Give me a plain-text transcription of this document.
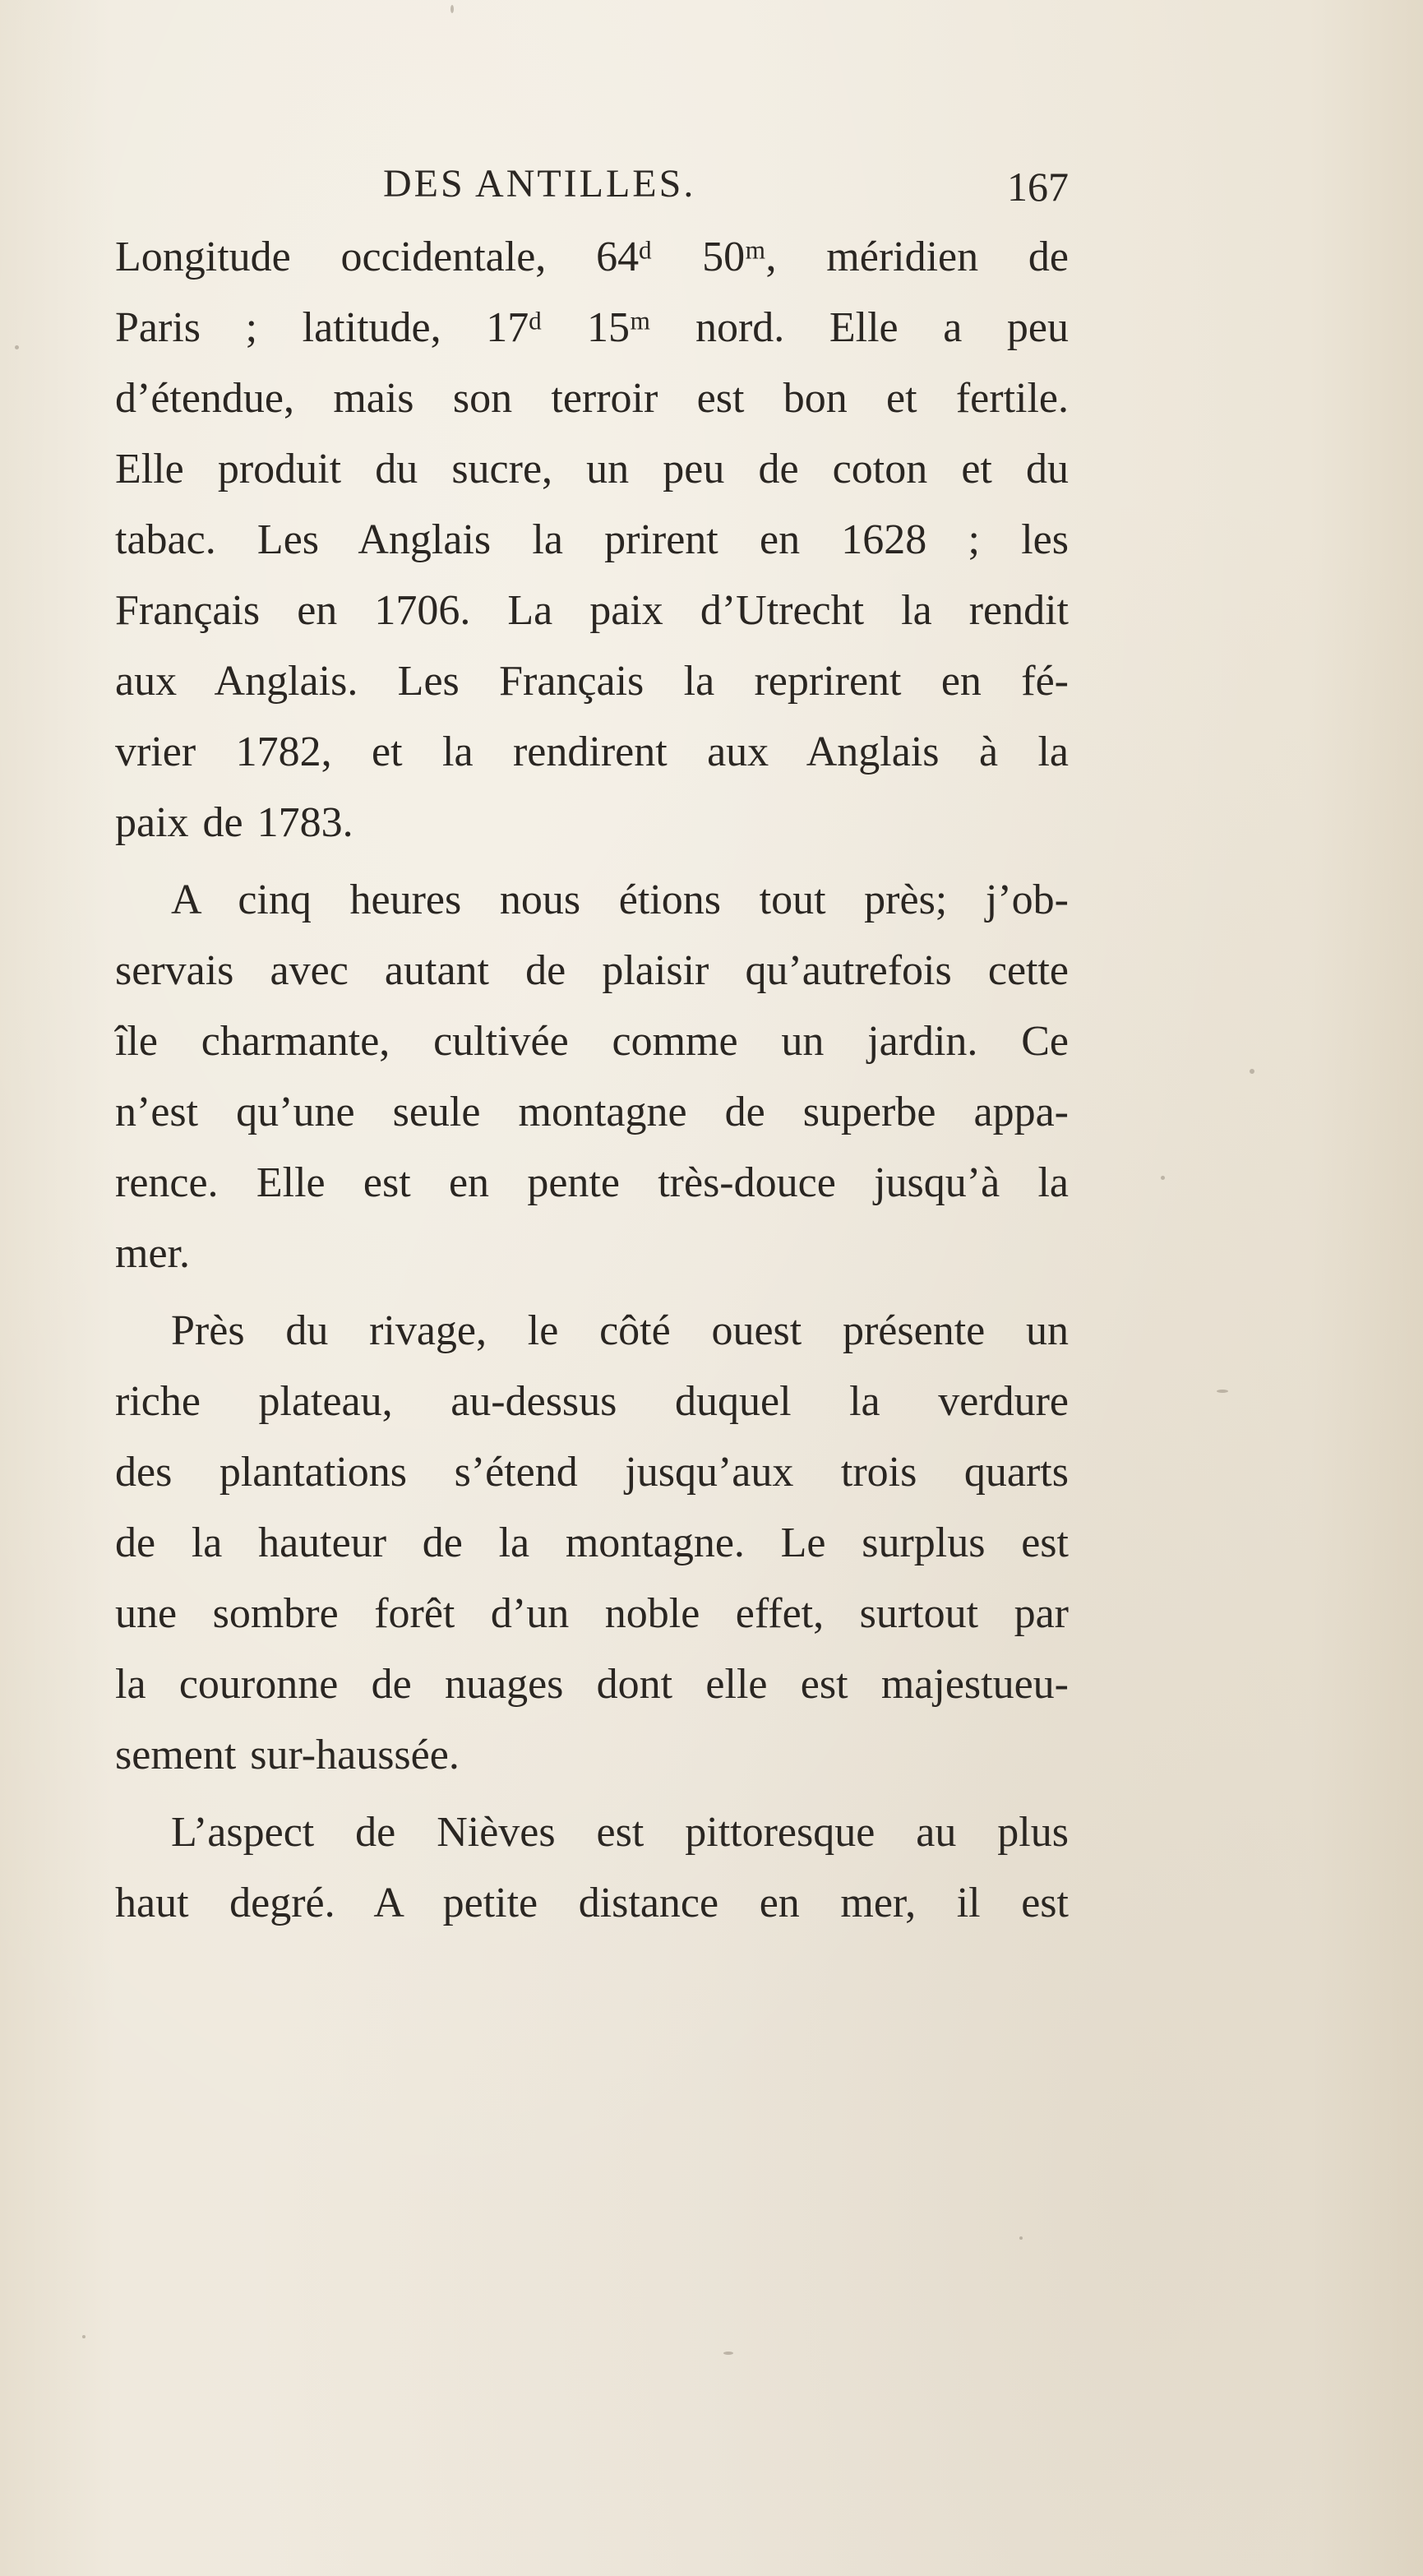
DES ANTILLES.	167

Longitude occidentale, 64ᵈ 50ᵐ, méridien de
Paris ; latitude, 17ᵈ 15ᵐ nord. Elle a peu
d’étendue, mais son terroir est bon et fertile.
Elle produit du sucre, un peu de coton et du
tabac. Les Anglais la prirent en 1628 ; les
Français en 1706. La paix d’Utrecht la rendit
aux Anglais. Les Français la reprirent en fé-
vrier 1782, et la rendirent aux Anglais à la
paix de 1783.

A cinq heures nous étions tout près; j’ob-
servais avec autant de plaisir qu’autrefois cette
île charmante, cultivée comme un jardin. Ce
n’est qu’une seule montagne de superbe appa-
rence. Elle est en pente très-douce jusqu’à la
mer.

Près du rivage, le côté ouest présente un
riche plateau, au-dessus duquel la verdure
des plantations s’étend jusqu’aux trois quarts
de la hauteur de la montagne. Le surplus est
une sombre forêt d’un noble effet, surtout par
la couronne de nuages dont elle est majestueu-
sement sur-haussée.

L’aspect de Nièves est pittoresque au plus
haut degré. A petite distance en mer, il est
